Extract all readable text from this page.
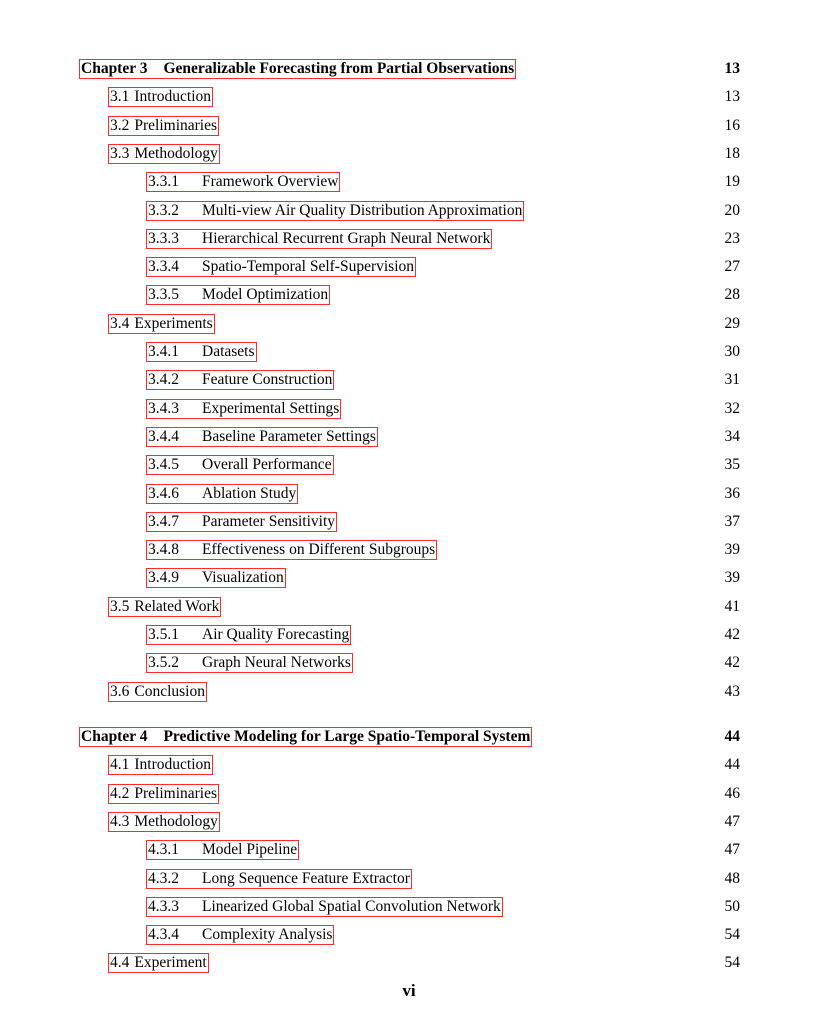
Chapter 3 Generalizable Forecasting from Partial Observations	13
3.1 Introduction	13
3.2 Preliminaries	16
3.3 Methodology	18
3.3.1 Framework Overview	19
3.3.2 Multi-view Air Quality Distribution Approximation	20
3.3.3 Hierarchical Recurrent Graph Neural Network	23
3.3.4 Spatio-Temporal Self-Supervision	27
3.3.5 Model Optimization	28
3.4 Experiments	29
3.4.1 Datasets	30
3.4.2 Feature Construction	31
3.4.3 Experimental Settings	32
3.4.4 Baseline Parameter Settings	34
3.4.5 Overall Performance	35
3.4.6 Ablation Study	36
3.4.7 Parameter Sensitivity	37
3.4.8 Effectiveness on Different Subgroups	39
3.4.9 Visualization	39
3.5 Related Work	41
3.5.1 Air Quality Forecasting	42
3.5.2 Graph Neural Networks	42
3.6 Conclusion	43
Chapter 4 Predictive Modeling for Large Spatio-Temporal System	44
4.1 Introduction	44
4.2 Preliminaries	46
4.3 Methodology	47
4.3.1 Model Pipeline	47
4.3.2 Long Sequence Feature Extractor	48
4.3.3 Linearized Global Spatial Convolution Network	50
4.3.4 Complexity Analysis	54
4.4 Experiment	54
vi
